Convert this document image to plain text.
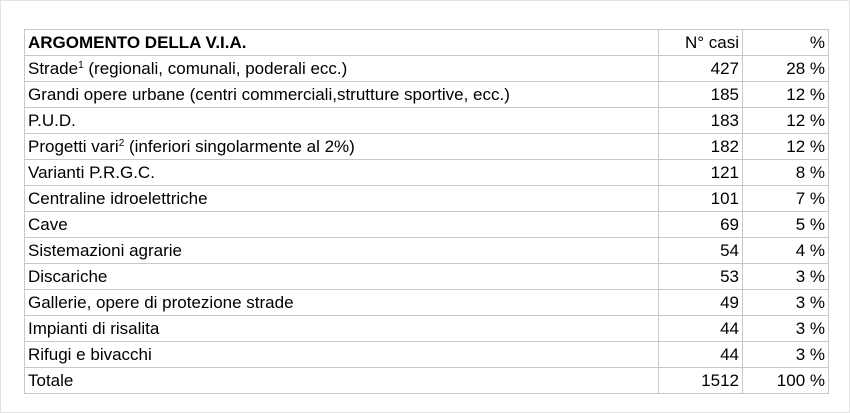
ARGOMENTO DELLA V.I.A.	N° casi	%
Strade$^1$ (regionali, comunali, poderali ecc.)	427	28 %
Grandi opere urbane (centri commerciali,strutture sportive, ecc.)	185	12 %
P.U.D.	183	12 %
Progetti vari$^2$ (inferiori singolarmente al 2%)	182	12 %
Varianti P.R.G.C.	121	8 %
Centraline idroelettriche	101	7 %
Cave	69	5 %
Sistemazioni agrarie	54	4 %
Discariche	53	3 %
Gallerie, opere di protezione strade	49	3 %
Impianti di risalita	44	3 %
Rifugi e bivacchi	44	3 %
Totale	1512	100 %
